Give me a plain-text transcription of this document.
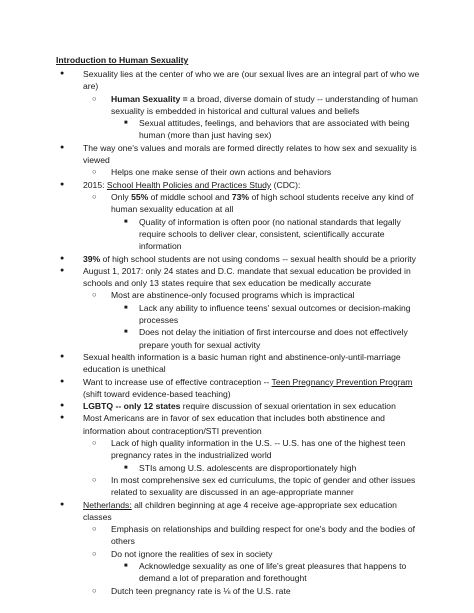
Introduction to Human Sexuality
● Sexuality lies at the center of who we are (our sexual lives are an integral part of who we
are)
○ Human Sexuality = a broad, diverse domain of study -- understanding of human
sexuality is embedded in historical and cultural values and beliefs
■ Sexual attitudes, feelings, and behaviors that are associated with being
human (more than just having sex)
● The way one's values and morals are formed directly relates to how sex and sexuality is
viewed
○ Helps one make sense of their own actions and behaviors
● 2015: School Health Policies and Practices Study (CDC):
○ Only 55% of middle school and 73% of high school students receive any kind of
human sexuality education at all
■ Quality of information is often poor (no national standards that legally
require schools to deliver clear, consistent, scientifically accurate
information
● 39% of high school students are not using condoms -- sexual health should be a priority
● August 1, 2017: only 24 states and D.C. mandate that sexual education be provided in
schools and only 13 states require that sex education be medically accurate
○ Most are abstinence-only focused programs which is impractical
■ Lack any ability to influence teens' sexual outcomes or decision-making
processes
■ Does not delay the initiation of first intercourse and does not effectively
prepare youth for sexual activity
● Sexual health information is a basic human right and abstinence-only-until-marriage
education is unethical
● Want to increase use of effective contraception -- Teen Pregnancy Prevention Program
(shift toward evidence-based teaching)
● LGBTQ -- only 12 states require discussion of sexual orientation in sex education
● Most Americans are in favor of sex education that includes both abstinence and
information about contraception/STI prevention
○ Lack of high quality information in the U.S. -- U.S. has one of the highest teen
pregnancy rates in the industrialized world
■ STIs among U.S. adolescents are disproportionately high
○ In most comprehensive sex ed curriculums, the topic of gender and other issues
related to sexuality are discussed in an age-appropriate manner
● Netherlands: all children beginning at age 4 receive age-appropriate sex education
classes
○ Emphasis on relationships and building respect for one's body and the bodies of
others
○ Do not ignore the realities of sex in society
■ Acknowledge sexuality as one of life's great pleasures that happens to
demand a lot of preparation and forethought
○ Dutch teen pregnancy rate is ⅛ of the U.S. rate
